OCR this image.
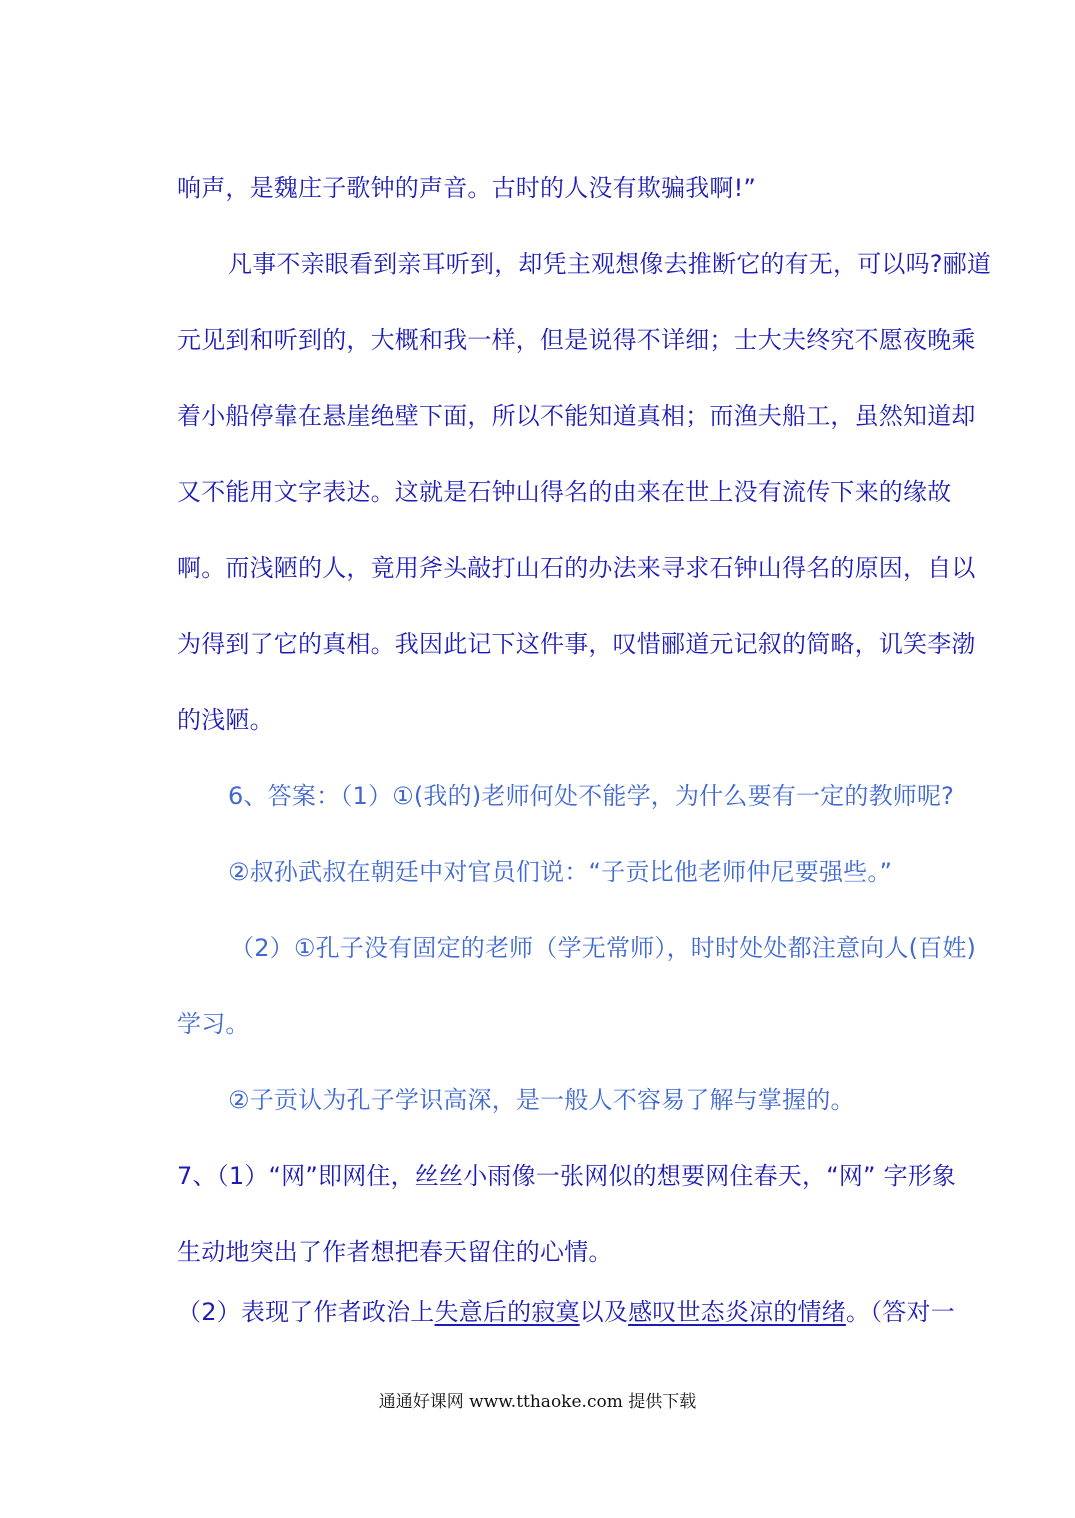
响声，是魏庄子歌钟的声音。古时的人没有欺骗我啊!”
凡事不亲眼看到亲耳听到，却凭主观想像去推断它的有无，可以吗?郦道
元见到和听到的，大概和我一样，但是说得不详细；士大夫终究不愿夜晚乘
着小船停靠在悬崖绝壁下面，所以不能知道真相；而渔夫船工，虽然知道却
又不能用文字表达。这就是石钟山得名的由来在世上没有流传下来的缘故
啊。而浅陋的人，竟用斧头敲打山石的办法来寻求石钟山得名的原因，自以
为得到了它的真相。我因此记下这件事，叹惜郦道元记叙的简略，讥笑李渤
的浅陋。
6、答案：（1）①(我的)老师何处不能学，为什么要有一定的教师呢?
②叔孙武叔在朝廷中对官员们说：“子贡比他老师仲尼要强些。”
（2）①孔子没有固定的老师（学无常师），时时处处都注意向人(百姓)
学习。
②子贡认为孔子学识高深，是一般人不容易了解与掌握的。
7、（1）“网”即网住，丝丝小雨像一张网似的想要网住春天，“网” 字形象
生动地突出了作者想把春天留住的心情。
（2）表现了作者政治上失意后的寂寞以及感叹世态炎凉的情绪。（答对一
通通好课网 www.tthaoke.com 提供下载
